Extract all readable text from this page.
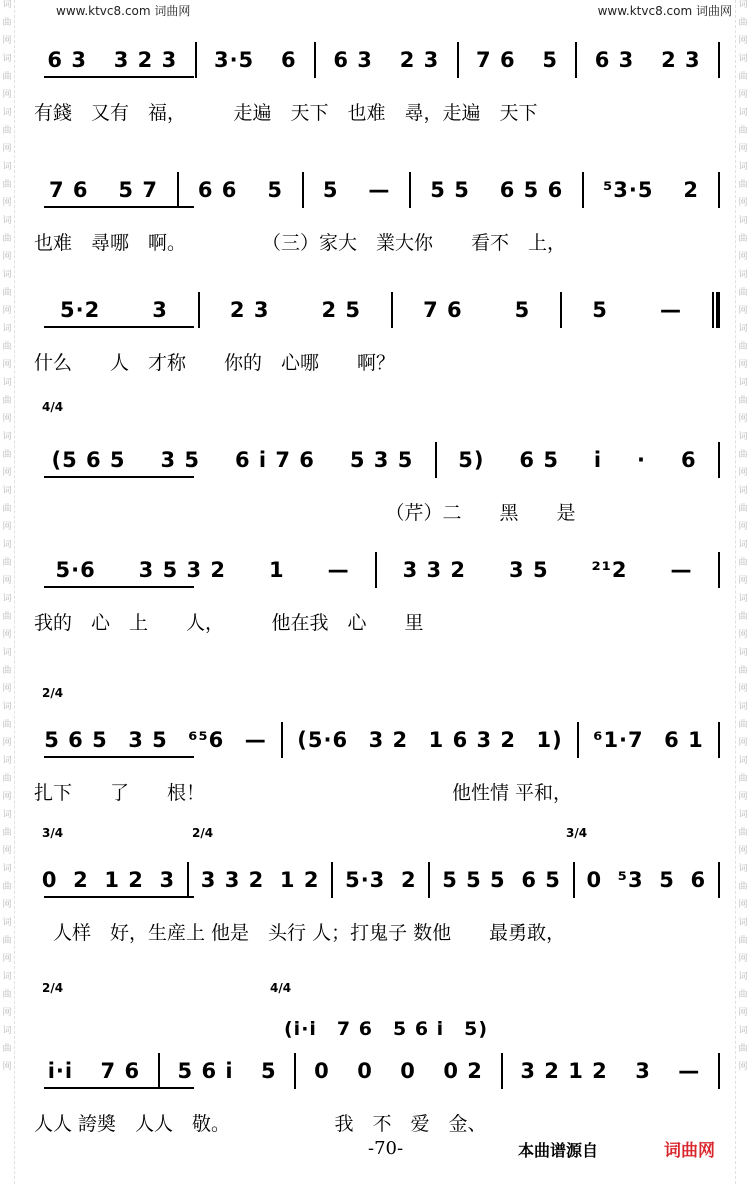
词
曲
网
词
曲
网
词
曲
网
词
曲
网
词
曲
网
词
曲
网
词
曲
网
词
曲
网
词
曲
网
词
曲
网
词
曲
网
词
曲
网
词
曲
网
词
曲
网
词
曲
网
词
曲
网
词
曲
网
词
曲
网
词
曲
网
词
曲
网
词
曲
网
词
曲
网
词
曲
网
词
曲
网
词
曲
网
词
曲
网
词
曲
网
词
曲
网
词
曲
网
词
曲
网
词
曲
网
词
曲
网
词
曲
网
词
曲
网
词
曲
网
词
曲
网
词
曲
网
词
曲
网
词
曲
网
词
曲
网
www.ktvc8.com 词曲网	www.ktvc8.com 词曲网
6 3	3 2 3	3·5	6	6 3	2 3	7 6	5	6 3	2 3
有錢　又有　福，　　　走遍　天下　也难　尋，走遍　天下
7 6	5 7	6 6	5	5	—	5 5	6 5 6	⁵3·5	2
也难　尋哪　啊。　　　　　（三）家大　業大你　　看不　上，
5·2	3	2 3	2 5	7 6	5	5	—
什么　　人　才称　　你的　心哪　　啊？
4/4
(5 6 5	3 5	6 i 7 6	5 3 5	5)	6 5	i	·	6
　　　　　　　　　　　　　　　　　　　（芹）二　　黑　　是
5·6	3 5 3 2	1	—	3 3 2	3 5	²¹2	—
我的　心　上　　人，　　　他在我　心　　里
2/4
5 6 5 3 5 ⁶⁵6 —	(5·6 3 2 1 6 3 2 1)	⁶1·7 6 1
扎下　　了　　根！　　　　　　　　　　　　　他性情 平和，
3/4	2/4	3/4
0 2 1 2 3	3 3 2 1 2	5·3 2	5 5 5 6 5	0 ⁵3 5 6
　人样　好，生産上 他是　头行 人；打鬼子 数他　　最勇敢，
2/4	4/4
(i·i　7 6　5 6 i　5)
i·i	7 6	5 6 i	5	0	0	0	0 2	3 2 1 2	3	—
人人 誇奬　人人　敬。　　　　　　我　不　爱　金、
-70-	本曲谱源自	词曲网
